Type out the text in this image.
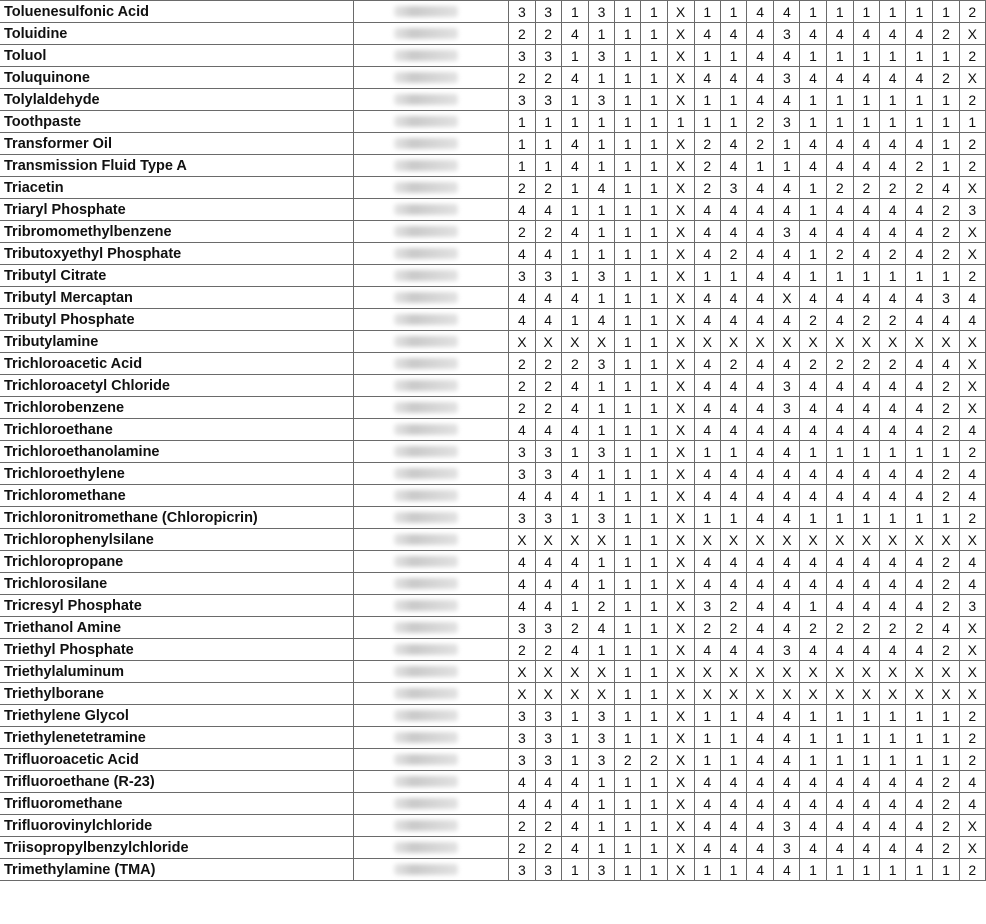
Toluenesulfonic Acid		3	3	1	3	1	1	X	1	1	4	4	1	1	1	1	1	1	2
Toluidine		2	2	4	1	1	1	X	4	4	4	3	4	4	4	4	4	2	X
Toluol		3	3	1	3	1	1	X	1	1	4	4	1	1	1	1	1	1	2
Toluquinone		2	2	4	1	1	1	X	4	4	4	3	4	4	4	4	4	2	X
Tolylaldehyde		3	3	1	3	1	1	X	1	1	4	4	1	1	1	1	1	1	2
Toothpaste		1	1	1	1	1	1	1	1	1	2	3	1	1	1	1	1	1	1
Transformer Oil		1	1	4	1	1	1	X	2	4	2	1	4	4	4	4	4	1	2
Transmission Fluid Type A		1	1	4	1	1	1	X	2	4	1	1	4	4	4	4	2	1	2
Triacetin		2	2	1	4	1	1	X	2	3	4	4	1	2	2	2	2	4	X
Triaryl Phosphate		4	4	1	1	1	1	X	4	4	4	4	1	4	4	4	4	2	3
Tribromomethylbenzene		2	2	4	1	1	1	X	4	4	4	3	4	4	4	4	4	2	X
Tributoxyethyl Phosphate		4	4	1	1	1	1	X	4	2	4	4	1	2	4	2	4	2	X
Tributyl Citrate		3	3	1	3	1	1	X	1	1	4	4	1	1	1	1	1	1	2
Tributyl Mercaptan		4	4	4	1	1	1	X	4	4	4	X	4	4	4	4	4	3	4
Tributyl Phosphate		4	4	1	4	1	1	X	4	4	4	4	2	4	2	2	4	4	4
Tributylamine		X	X	X	X	1	1	X	X	X	X	X	X	X	X	X	X	X	X
Trichloroacetic Acid		2	2	2	3	1	1	X	4	2	4	4	2	2	2	2	4	4	X
Trichloroacetyl Chloride		2	2	4	1	1	1	X	4	4	4	3	4	4	4	4	4	2	X
Trichlorobenzene		2	2	4	1	1	1	X	4	4	4	3	4	4	4	4	4	2	X
Trichloroethane		4	4	4	1	1	1	X	4	4	4	4	4	4	4	4	4	2	4
Trichloroethanolamine		3	3	1	3	1	1	X	1	1	4	4	1	1	1	1	1	1	2
Trichloroethylene		3	3	4	1	1	1	X	4	4	4	4	4	4	4	4	4	2	4
Trichloromethane		4	4	4	1	1	1	X	4	4	4	4	4	4	4	4	4	2	4
Trichloronitromethane (Chloropicrin)		3	3	1	3	1	1	X	1	1	4	4	1	1	1	1	1	1	2
Trichlorophenylsilane		X	X	X	X	1	1	X	X	X	X	X	X	X	X	X	X	X	X
Trichloropropane		4	4	4	1	1	1	X	4	4	4	4	4	4	4	4	4	2	4
Trichlorosilane		4	4	4	1	1	1	X	4	4	4	4	4	4	4	4	4	2	4
Tricresyl Phosphate		4	4	1	2	1	1	X	3	2	4	4	1	4	4	4	4	2	3
Triethanol Amine		3	3	2	4	1	1	X	2	2	4	4	2	2	2	2	2	4	X
Triethyl Phosphate		2	2	4	1	1	1	X	4	4	4	3	4	4	4	4	4	2	X
Triethylaluminum		X	X	X	X	1	1	X	X	X	X	X	X	X	X	X	X	X	X
Triethylborane		X	X	X	X	1	1	X	X	X	X	X	X	X	X	X	X	X	X
Triethylene Glycol		3	3	1	3	1	1	X	1	1	4	4	1	1	1	1	1	1	2
Triethylenetetramine		3	3	1	3	1	1	X	1	1	4	4	1	1	1	1	1	1	2
Trifluoroacetic Acid		3	3	1	3	2	2	X	1	1	4	4	1	1	1	1	1	1	2
Trifluoroethane (R-23)		4	4	4	1	1	1	X	4	4	4	4	4	4	4	4	4	2	4
Trifluoromethane		4	4	4	1	1	1	X	4	4	4	4	4	4	4	4	4	2	4
Trifluorovinylchloride		2	2	4	1	1	1	X	4	4	4	3	4	4	4	4	4	2	X
Triisopropylbenzylchloride		2	2	4	1	1	1	X	4	4	4	3	4	4	4	4	4	2	X
Trimethylamine (TMA)		3	3	1	3	1	1	X	1	1	4	4	1	1	1	1	1	1	2
